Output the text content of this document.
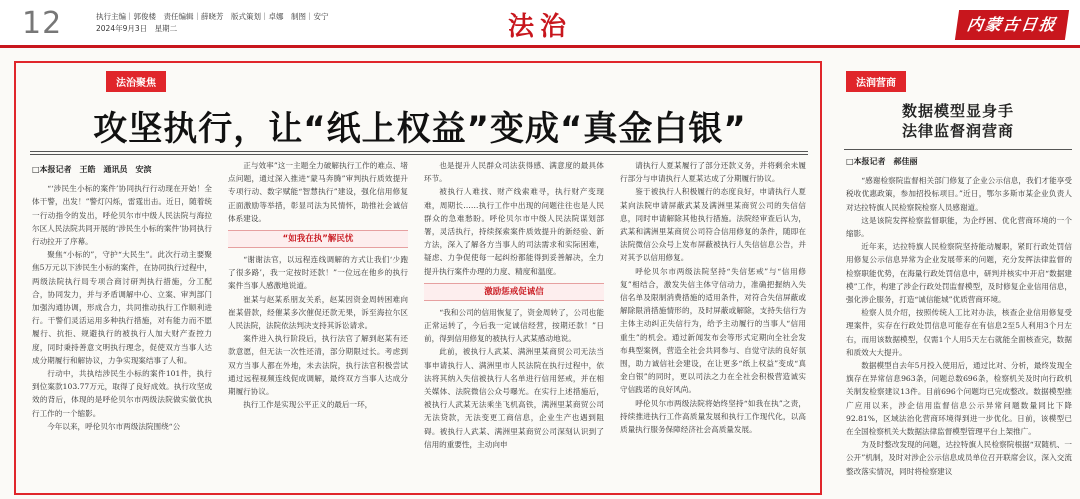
12	执行主编｜郭俊楼　责任编辑｜薛晓芳　版式策划｜卓娜　制图｜安宁
2024年9月3日　星期二	法治	内蒙古日报
法治聚焦
攻坚执行，让“纸上权益”变成“真金白银”
□本报记者　王皓　通讯员　安滨

“‘涉民生小标的案件’协同执行行动现在开始！全体干警，出发！”警灯闪烁，雷霆出击。近日，随着统一行动指令的发出，呼伦贝尔市中级人民法院与海拉尔区人民法院共同开展的‘涉民生小标的案件’协同执行行动拉开了序幕。

聚焦“小标的”，守护“大民生”。此次行动主要聚焦5万元以下涉民生小标的案件，在协同执行过程中，两级法院执行局专项合商讨研判执行措施，分工配合，协同发力，并与矛盾调解中心、立案、审判部门加强沟通协调，形成合力，共同推动执行工作顺利进行。干警们灵活运用多种执行措施，对有能力而不愿履行、抗拒、规避执行的被执行人加大财产查控力度，同时秉持善意文明执行理念，促使双方当事人达成分期履行和解协议，力争实现案结事了人和。

行动中，共执结涉民生小标的案件101件，执行到位案款103.77万元，取得了良好成效。执行攻坚成效的背后，体现的是呼伦贝尔市两级法院做实做优执行工作的一个缩影。

今年以来，呼伦贝尔市两级法院围绕“公

正与效率”这一主题全力破解执行工作的难点、堵点问题，通过深入推进“蒙马奔腾”审判执行质效提升专项行动、数字赋能“智慧执行”建设，强化信用修复正面激励等举措，彰显司法为民情怀，助推社会诚信体系建设。

“如我在执”解民忧

“谢谢法官，以远程连线调解的方式让我们‘少跑了很多路’，我一定按时还款！”一位远在他乡的执行案件当事人感激地说道。

崔某与赵某系朋友关系，赵某因资金周转困难向崔某借款，经催某多次催促还款无果，诉至海拉尔区人民法院，法院依法判决支持其诉讼请求。

案件进入执行阶段后，执行法官了解到赵某有还款意愿，但无法一次性还清，部分期限过长。考虑到双方当事人都在外地，未去法院，执行法官积极尝试通过远程视频连线促成调解，最终双方当事人达成分期履行协议。

执行工作是实现公平正义的最后一环，

也是提升人民群众司法获得感、满意度的最具体环节。

被执行人难找、财产线索难寻，执行财产变现难，周期长……执行工作中出现的问题往往也是人民群众的急难愁盼。呼伦贝尔市中级人民法院谋划部署，灵活执行，持续探索案件质效提升的新经验、新方法，深入了解各方当事人的司法需求和实际困难，疑虑、力争促使每一起纠纷都能得到妥善解决，全力提升执行案件办理的力度、精度和温度。

激励惩戒促诚信

“我和公司的信用恢复了，资金周转了，公司也能正常运转了，今后我一定诚信经营，按期还款！”日前，得到信用修复的被执行人武某感动地说。

此前，被执行人武某、满洲里某商贸公司无法当事申请执行人、满洲里市人民法院在执行过程中，依法将其纳入失信被执行人名单进行信用惩戒，并在相关媒体、法院微信公众号曝光。在实行上述措施后，被执行人武某无法乘坐飞机高铁，满洲里某商贸公司无法贷款，无法变更工商信息，企业生产也遇到阻碍。被执行人武某、满洲里某商贸公司深刻认识到了信用的重要性，主动向申

请执行人夏某履行了部分还款义务，并将剩余未履行部分与申请执行人夏某达成了分期履行协议。

鉴于被执行人积极履行的态度良好，申请执行人夏某向法院申请屏蔽武某及满洲里某商贸公司的失信信息，同时申请解除其他执行措施。法院经审查后认为，武某和满洲里某商贸公司符合信用修复的条件，随即在法院微信公众号上发布屏蔽被执行人失信信息公告，并对其予以信用修复。

呼伦贝尔市两级法院坚持“失信惩戒”与“信用修复”相结合，激发失信主体守信动力，准确把握纳入失信名单及限制消费措施的适用条件，对符合失信屏蔽或解除限消措施情形的，及时屏蔽或解除，支持失信行为主体主动纠正失信行为，给予主动履行的当事人“信用重生”的机会。通过新闻发布会等形式定期向全社会发布典型案例，营造全社会共同参与、自觉守法的良好氛围，助力诚信社会建设，在让更多“纸上权益”变成“真金白银”的同时，更以司法之力在全社会积极营造诚实守信践诺的良好风尚。

呼伦贝尔市两级法院将始终坚持“如我在执”之责，持续推进执行工作高质量发展和执行工作现代化，以高质量执行服务保障经济社会高质量发展。

法润营商
数据模型显身手
法律监督润营商
□本报记者　郝佳丽

“感谢检察院监督相关部门修复了企业公示信息，我们才能享受税收优惠政策，参加招投标项目。”近日，鄂尔多斯市某企业负责人对达拉特旗人民检察院检察人员感谢道。

这是该院发挥检察监督职能，为企纾困、优化营商环境的一个缩影。

近年来，达拉特旗人民检察院坚持能动履职，紧盯行政处罚信用修复公示信息异常为企业发展带来的问题，充分发挥法律监督的检察职能优势，在海量行政处罚信息中，研判并核实中开启“数据建模”工作，构建了涉企行政处罚监督模型，及时修复企业信用信息，强化涉企服务，打造“诚信能城”优质营商环境。

检察人员介绍，按照传统人工比对办法，核查企业信用修复受理案件，实存在行政处罚信息可能存在有信息2至5人利用3个月左右，而用该数据模型，仅需1个人用5天左右就能全面核查完，数据和质效大大提升。

数据模型自去年5月投入使用后，通过比对、分析，最终发现全旗存在异常信息963条，问题总数696条，检察机关及时向行政机关制发检察建议13件。目前696个问题均已完成整改。数据模型推广应用以来，涉企信用监督信息公示异常问题数量同比下降92.81%，区域法治化营商环境得到进一步优化。日前，该模型已在全国检察机关大数据法律监督模型管理平台上架推广。

为及时整改发现的问题，达拉特旗人民检察院根据“双随机、一公开”机制，及时对涉企公示信息成员单位召开联席会议，深入交流整改落实情况，同时将检察建议
